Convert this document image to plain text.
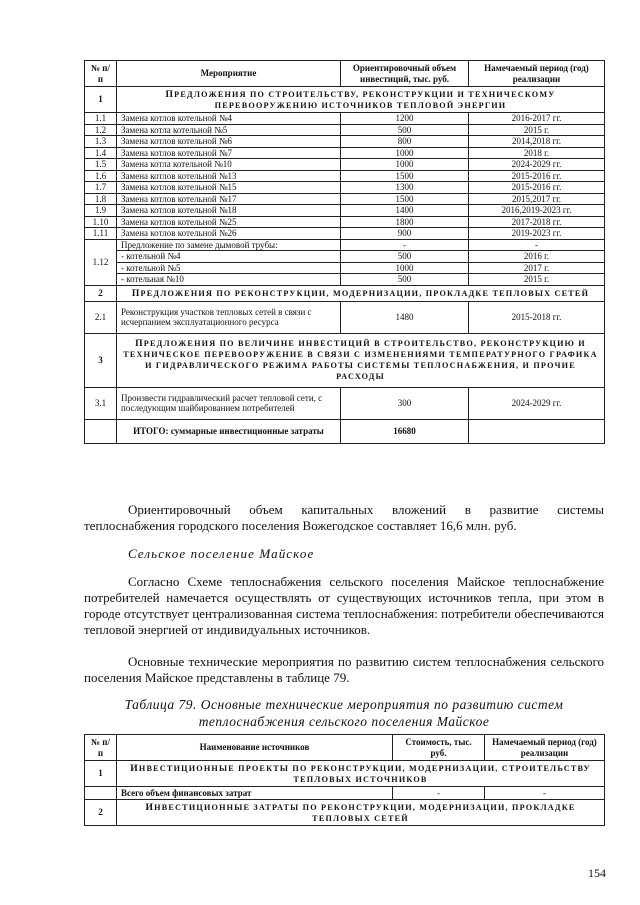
№ п/п	Мероприятие	Ориентировочный объем инвестиций, тыс. руб.	Намечаемый период (год) реализации
1	ПРЕДЛОЖЕНИЯ ПО СТРОИТЕЛЬСТВУ, РЕКОНСТРУКЦИИ И ТЕХНИЧЕСКОМУ ПЕРЕВООРУЖЕНИЮ ИСТОЧНИКОВ ТЕПЛОВОЙ ЭНЕРГИИ		
1.1	Замена котлов котельной №4	1200	2016-2017 гг.
1.2	Замена котла котельной №5	500	2015 г.
1.3	Замена котлов котельной №6	800	2014,2018 гг.
1.4	Замена котлов котельной №7	1000	2018 г.
1.5	Замена котла котельной №10	1000	2024-2029 гг.
1.6	Замена котлов котельной №13	1500	2015-2016 гг.
1.7	Замена котлов котельной №15	1300	2015-2016 гг.
1.8	Замена котлов котельной №17	1500	2015,2017 гг.
1.9	Замена котлов котельной №18	1400	2016,2019-2023 гг.
1.10	Замена котлов котельной №25	1800	2017-2018 гг.
1.11	Замена котлов котельной №26	900	2019-2023 гг.
1.12	Предложение по замене дымовой трубы:	-	-
	- котельной №4	500	2016 г.
	- котельной №5	1000	2017 г.
	- котельная №10	500	2015 г.
2	ПРЕДЛОЖЕНИЯ ПО РЕКОНСТРУКЦИИ, МОДЕРНИЗАЦИИ, ПРОКЛАДКЕ ТЕПЛОВЫХ СЕТЕЙ		
2.1	Реконструкция участков тепловых сетей в связи с исчерпанием эксплуатационного ресурса	1480	2015-2018 гг.
3	ПРЕДЛОЖЕНИЯ ПО ВЕЛИЧИНЕ ИНВЕСТИЦИЙ В СТРОИТЕЛЬСТВО, РЕКОНСТРУКЦИЮ И ТЕХНИЧЕСКОЕ ПЕРЕВООРУЖЕНИЕ В СВЯЗИ С ИЗМЕНЕНИЯМИ ТЕМПЕРАТУРНОГО ГРАФИКА И ГИДРАВЛИЧЕСКОГО РЕЖИМА РАБОТЫ СИСТЕМЫ ТЕПЛОСНАБЖЕНИЯ, И ПРОЧИЕ РАСХОДЫ		
3.1	Произвести гидравлический расчет тепловой сети, с последующим шайбированием потребителей	300	2024-2029 гг.
	ИТОГО: суммарные инвестиционные затраты	16680	

Ориентировочный объем капитальных вложений в развитие системы теплоснабжения городского поселения Вожегодское составляет 16,6 млн. руб.

Сельское поселение Майское

Согласно Схеме теплоснабжения сельского поселения Майское теплоснабжение потребителей намечается осуществлять от существующих источников тепла, при этом в городе отсутствует централизованная система теплоснабжения: потребители обеспечиваются тепловой энергией от индивидуальных источников.

Основные технические мероприятия по развитию систем теплоснабжения сельского поселения Майское представлены в таблице 79.

Таблица 79. Основные технические мероприятия по развитию систем теплоснабжения сельского поселения Майское

№ п/п	Наименование источников	Стоимость, тыс. руб.	Намечаемый период (год) реализации
1	ИНВЕСТИЦИОННЫЕ ПРОЕКТЫ ПО РЕКОНСТРУКЦИИ, МОДЕРНИЗАЦИИ, СТРОИТЕЛЬСТВУ ТЕПЛОВЫХ ИСТОЧНИКОВ		
	Всего объем финансовых затрат	-	-
2	ИНВЕСТИЦИОННЫЕ ЗАТРАТЫ ПО РЕКОНСТРУКЦИИ, МОДЕРНИЗАЦИИ, ПРОКЛАДКЕ ТЕПЛОВЫХ СЕТЕЙ		
154
